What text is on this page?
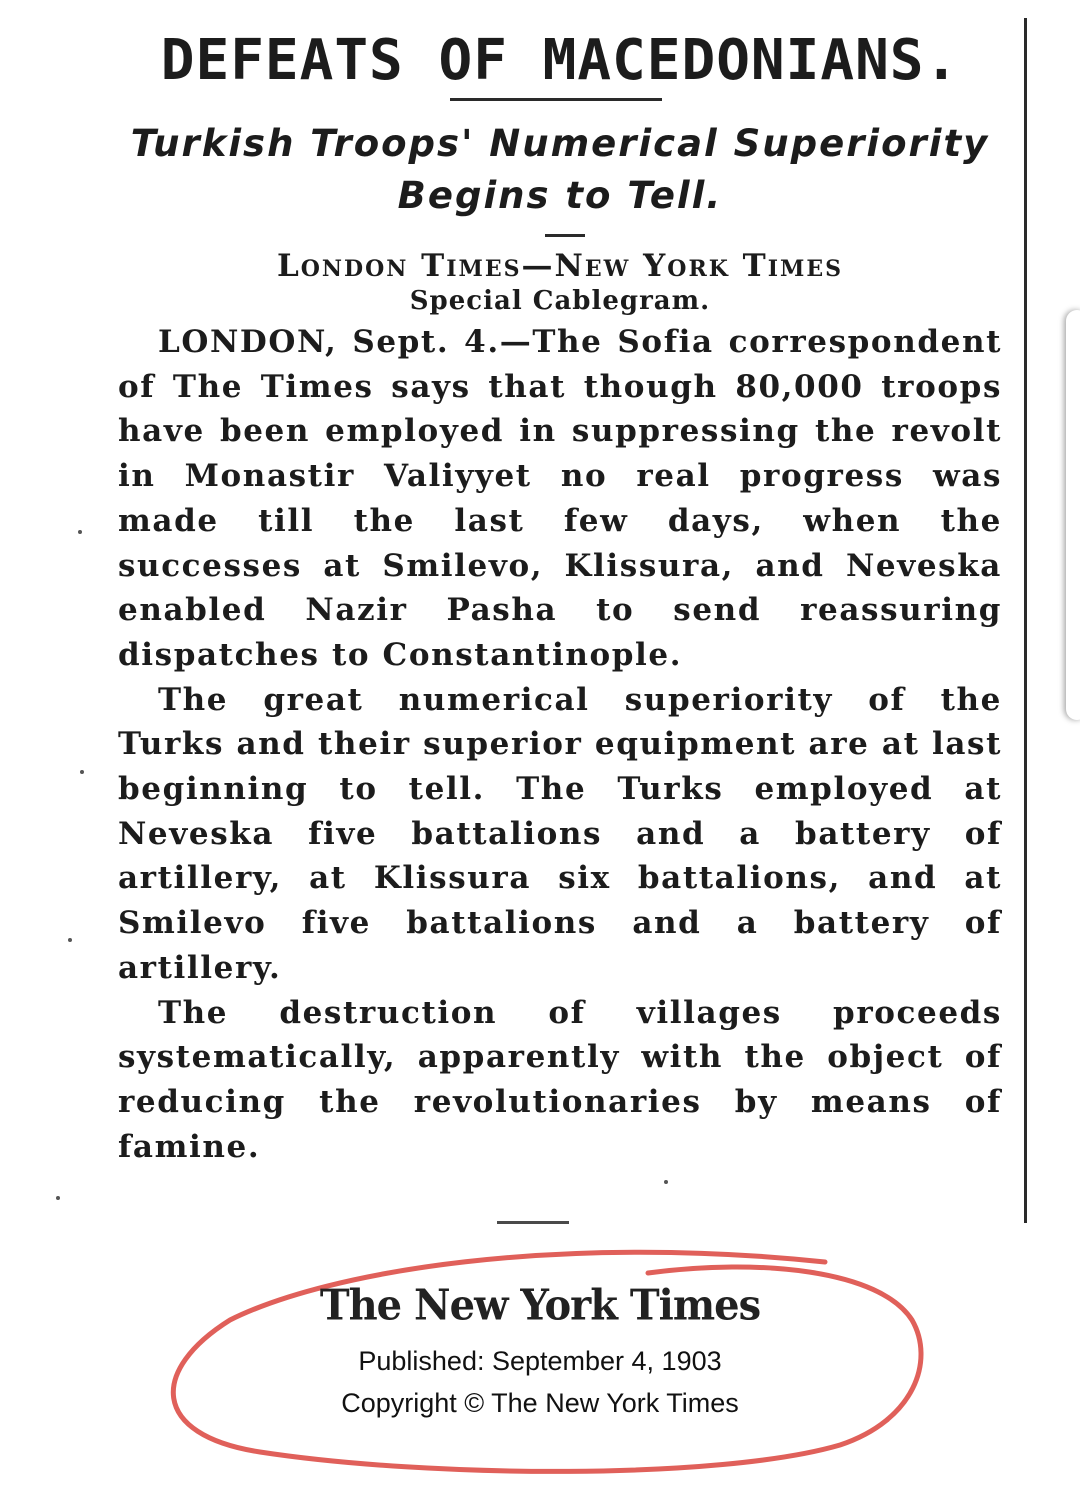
DEFEATS OF MACEDONIANS.
Turkish Troops' Numerical Superiority
Begins to Tell.
London Times—New York Times
Special Cablegram.

LONDON, Sept. 4.—The Sofia correspondent of The Times says that though 80,000 troops have been employed in suppressing the revolt in Monastir Valiyyet no real progress was made till the last few days, when the successes at Smilevo, Klissura, and Neveska enabled Nazir Pasha to send reassuring dispatches to Constantinople.

The great numerical superiority of the Turks and their superior equipment are at last beginning to tell. The Turks employed at Neveska five battalions and a battery of artillery, at Klissura six battalions, and at Smilevo five battalions and a battery of artillery.

The destruction of villages proceeds systematically, apparently with the object of reducing the revolutionaries by means of famine.

The New York Times
Published: September 4, 1903
Copyright © The New York Times
